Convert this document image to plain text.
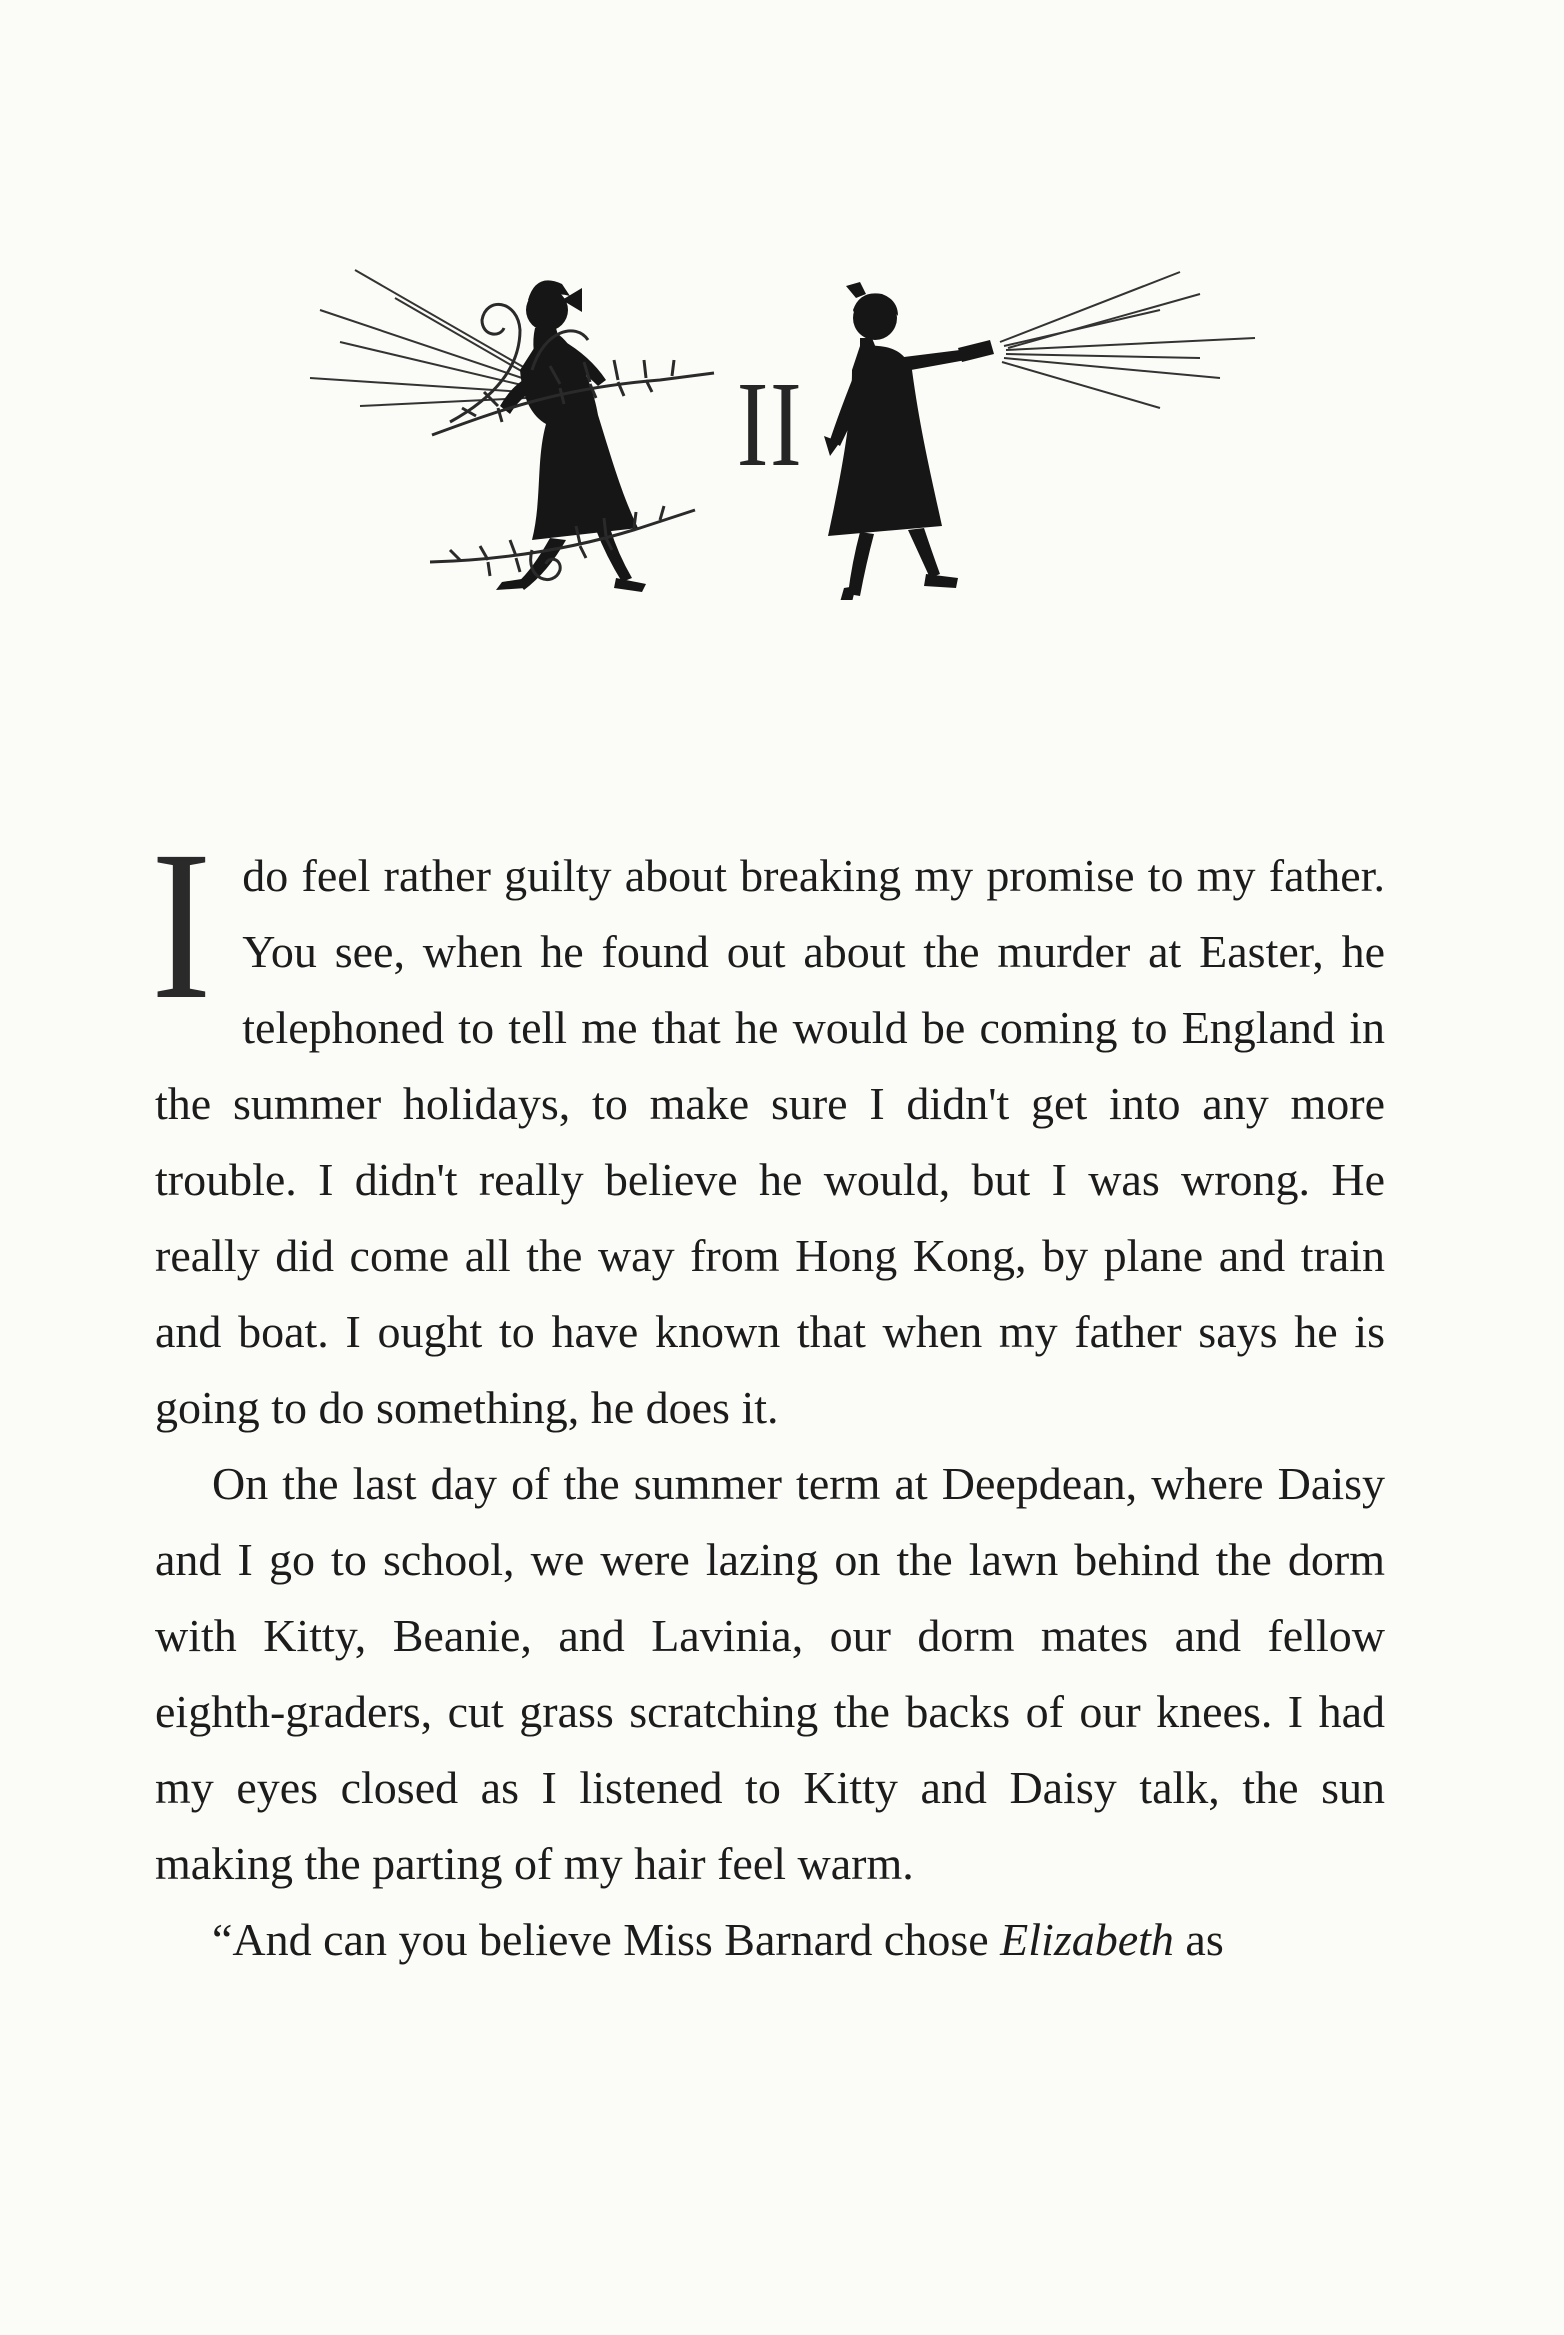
II

Ido feel rather guilty about breaking my promise to my father. You see, when he found out about the murder at Easter, he telephoned to tell me that he would be coming to England in the summer holidays, to make sure I didn't get into any more trouble. I didn't really believe he would, but I was wrong. He really did come all the way from Hong Kong, by plane and train and boat. I ought to have known that when my father says he is going to do something, he does it.

On the last day of the summer term at Deepdean, where Daisy and I go to school, we were lazing on the lawn behind the dorm with Kitty, Beanie, and Lavinia, our dorm mates and fellow eighth-graders, cut grass scratching the backs of our knees. I had my eyes closed as I listened to Kitty and Daisy talk, the sun making the parting of my hair feel warm.

“And can you believe Miss Barnard chose Elizabeth as
